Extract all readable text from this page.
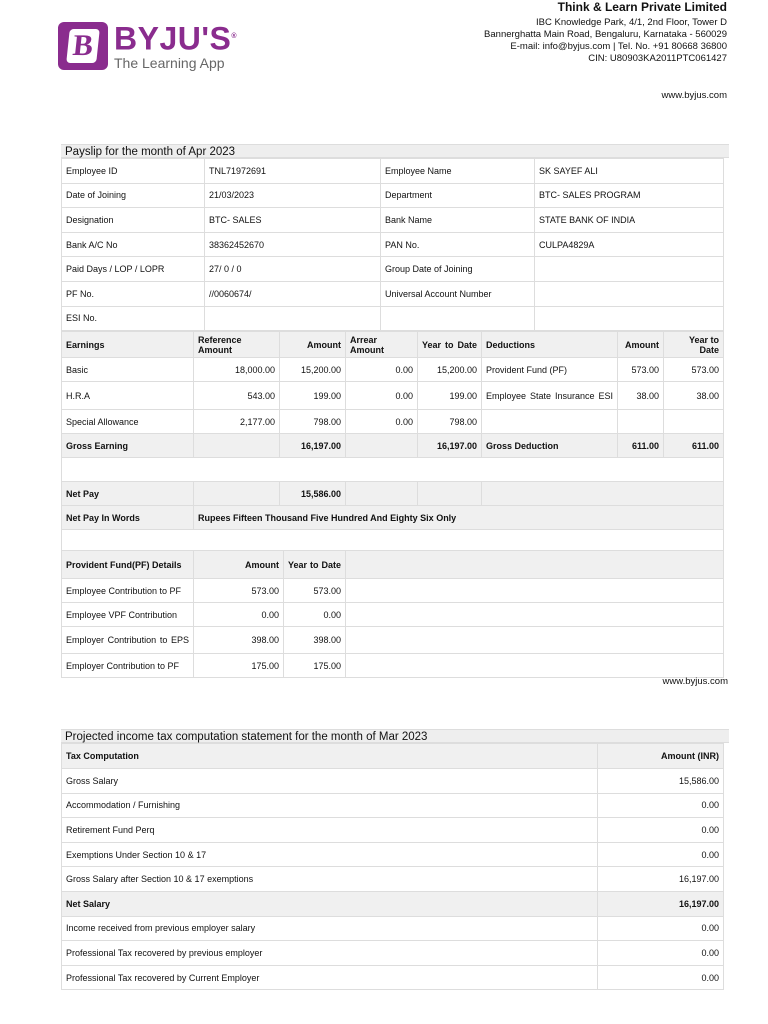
B BYJU'S®
The Learning App
Think & Learn Private Limited
IBC Knowledge Park, 4/1, 2nd Floor, Tower D
Bannerghatta Main Road, Bengaluru, Karnataka - 560029
E-mail: info@byjus.com | Tel. No. +91 80668 36800
CIN: U80903KA2011PTC061427
www.byjus.com
Payslip for the month of Apr 2023
Employee ID	TNL71972691	Employee Name	SK SAYEF ALI
Date of Joining	21/03/2023	Department	BTC- SALES PROGRAM
Designation	BTC- SALES	Bank Name	STATE BANK OF INDIA
Bank A/C No	38362452670	PAN No.	CULPA4829A
Paid Days / LOP / LOPR	27/ 0 / 0	Group Date of Joining	
PF No.	//0060674/	Universal Account Number	
ESI No.			
Earnings	Reference Amount	Amount	Arrear Amount	Year to Date	Deductions	Amount	Year to Date
Basic	18,000.00	15,200.00	0.00	15,200.00	Provident Fund (PF)	573.00	573.00
H.R.A	543.00	199.00	0.00	199.00	Employee State Insurance ESI	38.00	38.00
Special Allowance	2,177.00	798.00	0.00	798.00			
Gross Earning		16,197.00		16,197.00	Gross Deduction	611.00	611.00

Net Pay		15,586.00					
Net Pay In Words	Rupees Fifteen Thousand Five Hundred And Eighty Six Only						

Provident Fund(PF) Details	Amount	Year to Date	
Employee Contribution to PF	573.00	573.00	
Employee VPF Contribution	0.00	0.00	
Employer Contribution to EPS	398.00	398.00	
Employer Contribution to PF	175.00	175.00	
www.byjus.com
Projected income tax computation statement for the month of Mar 2023
Tax Computation	Amount (INR)
Gross Salary	15,586.00
Accommodation / Furnishing	0.00
Retirement Fund Perq	0.00
Exemptions Under Section 10 & 17	0.00
Gross Salary after Section 10 & 17 exemptions	16,197.00
Net Salary	16,197.00
Income received from previous employer salary	0.00
Professional Tax recovered by previous employer	0.00
Professional Tax recovered by Current Employer	0.00
